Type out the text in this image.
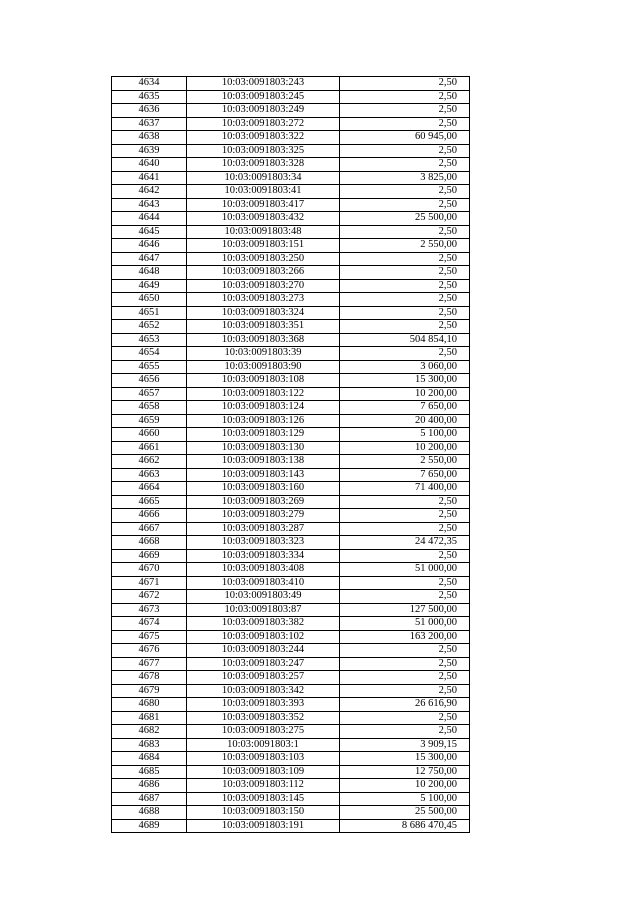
4634	10:03:0091803:243	2,50
4635	10:03:0091803:245	2,50
4636	10:03:0091803:249	2,50
4637	10:03:0091803:272	2,50
4638	10:03:0091803:322	60 945,00
4639	10:03:0091803:325	2,50
4640	10:03:0091803:328	2,50
4641	10:03:0091803:34	3 825,00
4642	10:03:0091803:41	2,50
4643	10:03:0091803:417	2,50
4644	10:03:0091803:432	25 500,00
4645	10:03:0091803:48	2,50
4646	10:03:0091803:151	2 550,00
4647	10:03:0091803:250	2,50
4648	10:03:0091803:266	2,50
4649	10:03:0091803:270	2,50
4650	10:03:0091803:273	2,50
4651	10:03:0091803:324	2,50
4652	10:03:0091803:351	2,50
4653	10:03:0091803:368	504 854,10
4654	10:03:0091803:39	2,50
4655	10:03:0091803:90	3 060,00
4656	10:03:0091803:108	15 300,00
4657	10:03:0091803:122	10 200,00
4658	10:03:0091803:124	7 650,00
4659	10:03:0091803:126	20 400,00
4660	10:03:0091803:129	5 100,00
4661	10:03:0091803:130	10 200,00
4662	10:03:0091803:138	2 550,00
4663	10:03:0091803:143	7 650,00
4664	10:03:0091803:160	71 400,00
4665	10:03:0091803:269	2,50
4666	10:03:0091803:279	2,50
4667	10:03:0091803:287	2,50
4668	10:03:0091803:323	24 472,35
4669	10:03:0091803:334	2,50
4670	10:03:0091803:408	51 000,00
4671	10:03:0091803:410	2,50
4672	10:03:0091803:49	2,50
4673	10:03:0091803:87	127 500,00
4674	10:03:0091803:382	51 000,00
4675	10:03:0091803:102	163 200,00
4676	10:03:0091803:244	2,50
4677	10:03:0091803:247	2,50
4678	10:03:0091803:257	2,50
4679	10:03:0091803:342	2,50
4680	10:03:0091803:393	26 616,90
4681	10:03:0091803:352	2,50
4682	10:03:0091803:275	2,50
4683	10:03:0091803:1	3 909,15
4684	10:03:0091803:103	15 300,00
4685	10:03:0091803:109	12 750,00
4686	10:03:0091803:112	10 200,00
4687	10:03:0091803:145	5 100,00
4688	10:03:0091803:150	25 500,00
4689	10:03:0091803:191	8 686 470,45
